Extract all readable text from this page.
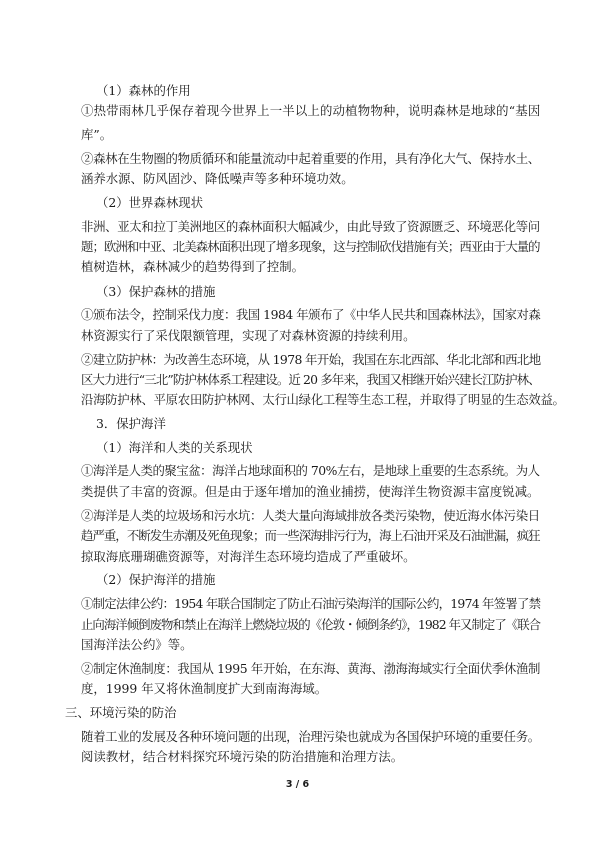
（1）森林的作用
①热带雨林几乎保存着现今世界上一半以上的动植物物种，说明森林是地球的“基因
库”。
②森林在生物圈的物质循环和能量流动中起着重要的作用，具有净化大气、保持水土、
涵养水源、防风固沙、降低噪声等多种环境功效。
（2）世界森林现状
非洲、亚太和拉丁美洲地区的森林面积大幅减少，由此导致了资源匮乏、环境恶化等问
题；欧洲和中亚、北美森林面积出现了增多现象，这与控制砍伐措施有关；西亚由于大量的
植树造林，森林减少的趋势得到了控制。
（3）保护森林的措施
①颁布法令，控制采伐力度：我国 1984 年颁布了《中华人民共和国森林法》，国家对森
林资源实行了采伐限额管理，实现了对森林资源的持续利用。
②建立防护林：为改善生态环境，从 1978 年开始，我国在东北西部、华北北部和西北地
区大力进行“三北”防护林体系工程建设。近 20 多年来，我国又相继开始兴建长江防护林、
沿海防护林、平原农田防护林网、太行山绿化工程等生态工程，并取得了明显的生态效益。
3．保护海洋
（1）海洋和人类的关系现状
①海洋是人类的聚宝盆：海洋占地球面积的 70%左右，是地球上重要的生态系统。为人
类提供了丰富的资源。但是由于逐年增加的渔业捕捞，使海洋生物资源丰富度锐减。
②海洋是人类的垃圾场和污水坑：人类大量向海域排放各类污染物，使近海水体污染日
趋严重，不断发生赤潮及死鱼现象；而一些深海排污行为，海上石油开采及石油泄漏，疯狂
掠取海底珊瑚礁资源等，对海洋生态环境均造成了严重破坏。
（2）保护海洋的措施
①制定法律公约：1954 年联合国制定了防止石油污染海洋的国际公约，1974 年签署了禁
止向海洋倾倒废物和禁止在海洋上燃烧垃圾的《伦敦・倾倒条约》，1982 年又制定了《联合
国海洋法公约》等。
②制定休渔制度：我国从 1995 年开始，在东海、黄海、渤海海域实行全面伏季休渔制
度，1999 年又将休渔制度扩大到南海海域。
三、环境污染的防治
随着工业的发展及各种环境问题的出现，治理污染也就成为各国保护环境的重要任务。
阅读教材，结合材料探究环境污染的防治措施和治理方法。
3 / 6
